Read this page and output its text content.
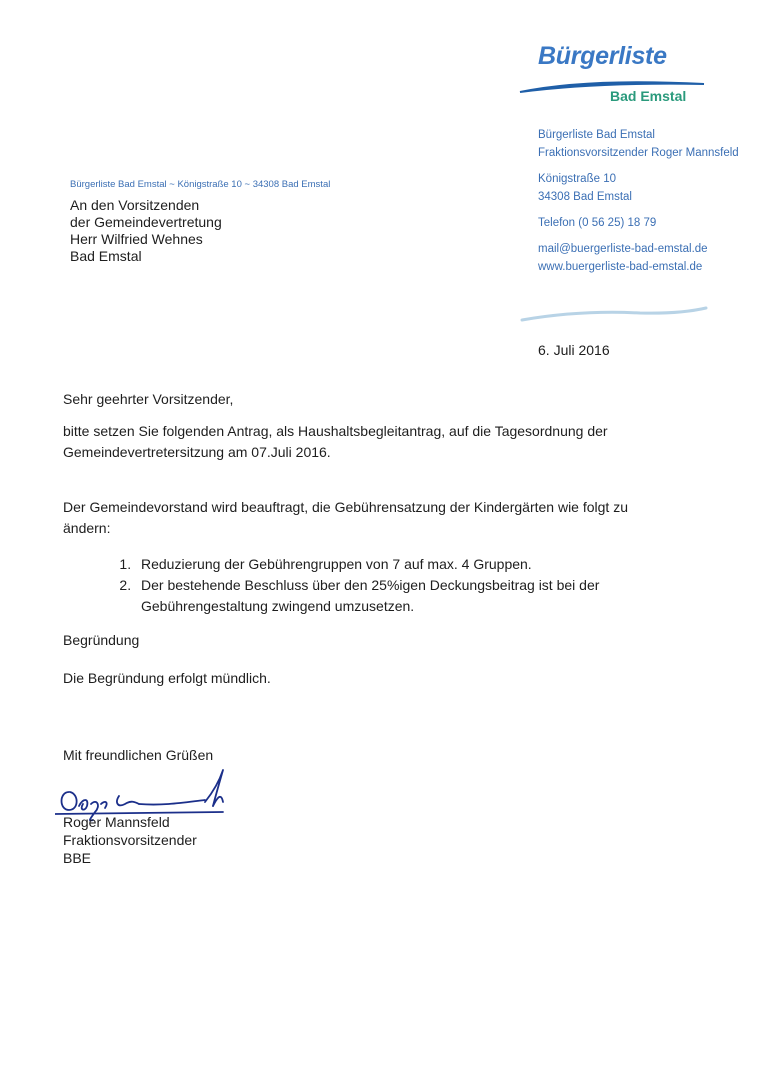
Bürgerliste
Bad Emstal
Bürgerliste Bad Emstal
Fraktionsvorsitzender Roger Mannsfeld
Königstraße 10
34308 Bad Emstal
Telefon (0 56 25) 18 79
mail@buergerliste-bad-emstal.de
www.buergerliste-bad-emstal.de
Bürgerliste Bad Emstal ~ Königstraße 10 ~ 34308 Bad Emstal
An den Vorsitzenden
der Gemeindevertretung
Herr Wilfried Wehnes
Bad Emstal
6. Juli 2016
Sehr geehrter Vorsitzender,
bitte setzen Sie folgenden Antrag, als Haushaltsbegleitantrag, auf die Tagesordnung der Gemeindevertretersitzung am 07.Juli 2016.
Der Gemeindevorstand wird beauftragt, die Gebührensatzung der Kindergärten wie folgt zu ändern:
1. Reduzierung der Gebührengruppen von 7 auf max. 4 Gruppen.
2. Der bestehende Beschluss über den 25%igen Deckungsbeitrag ist bei der Gebührengestaltung zwingend umzusetzen.
Begründung
Die Begründung erfolgt mündlich.
Mit freundlichen Grüßen
Roger Mannsfeld
Fraktionsvorsitzender
BBE
